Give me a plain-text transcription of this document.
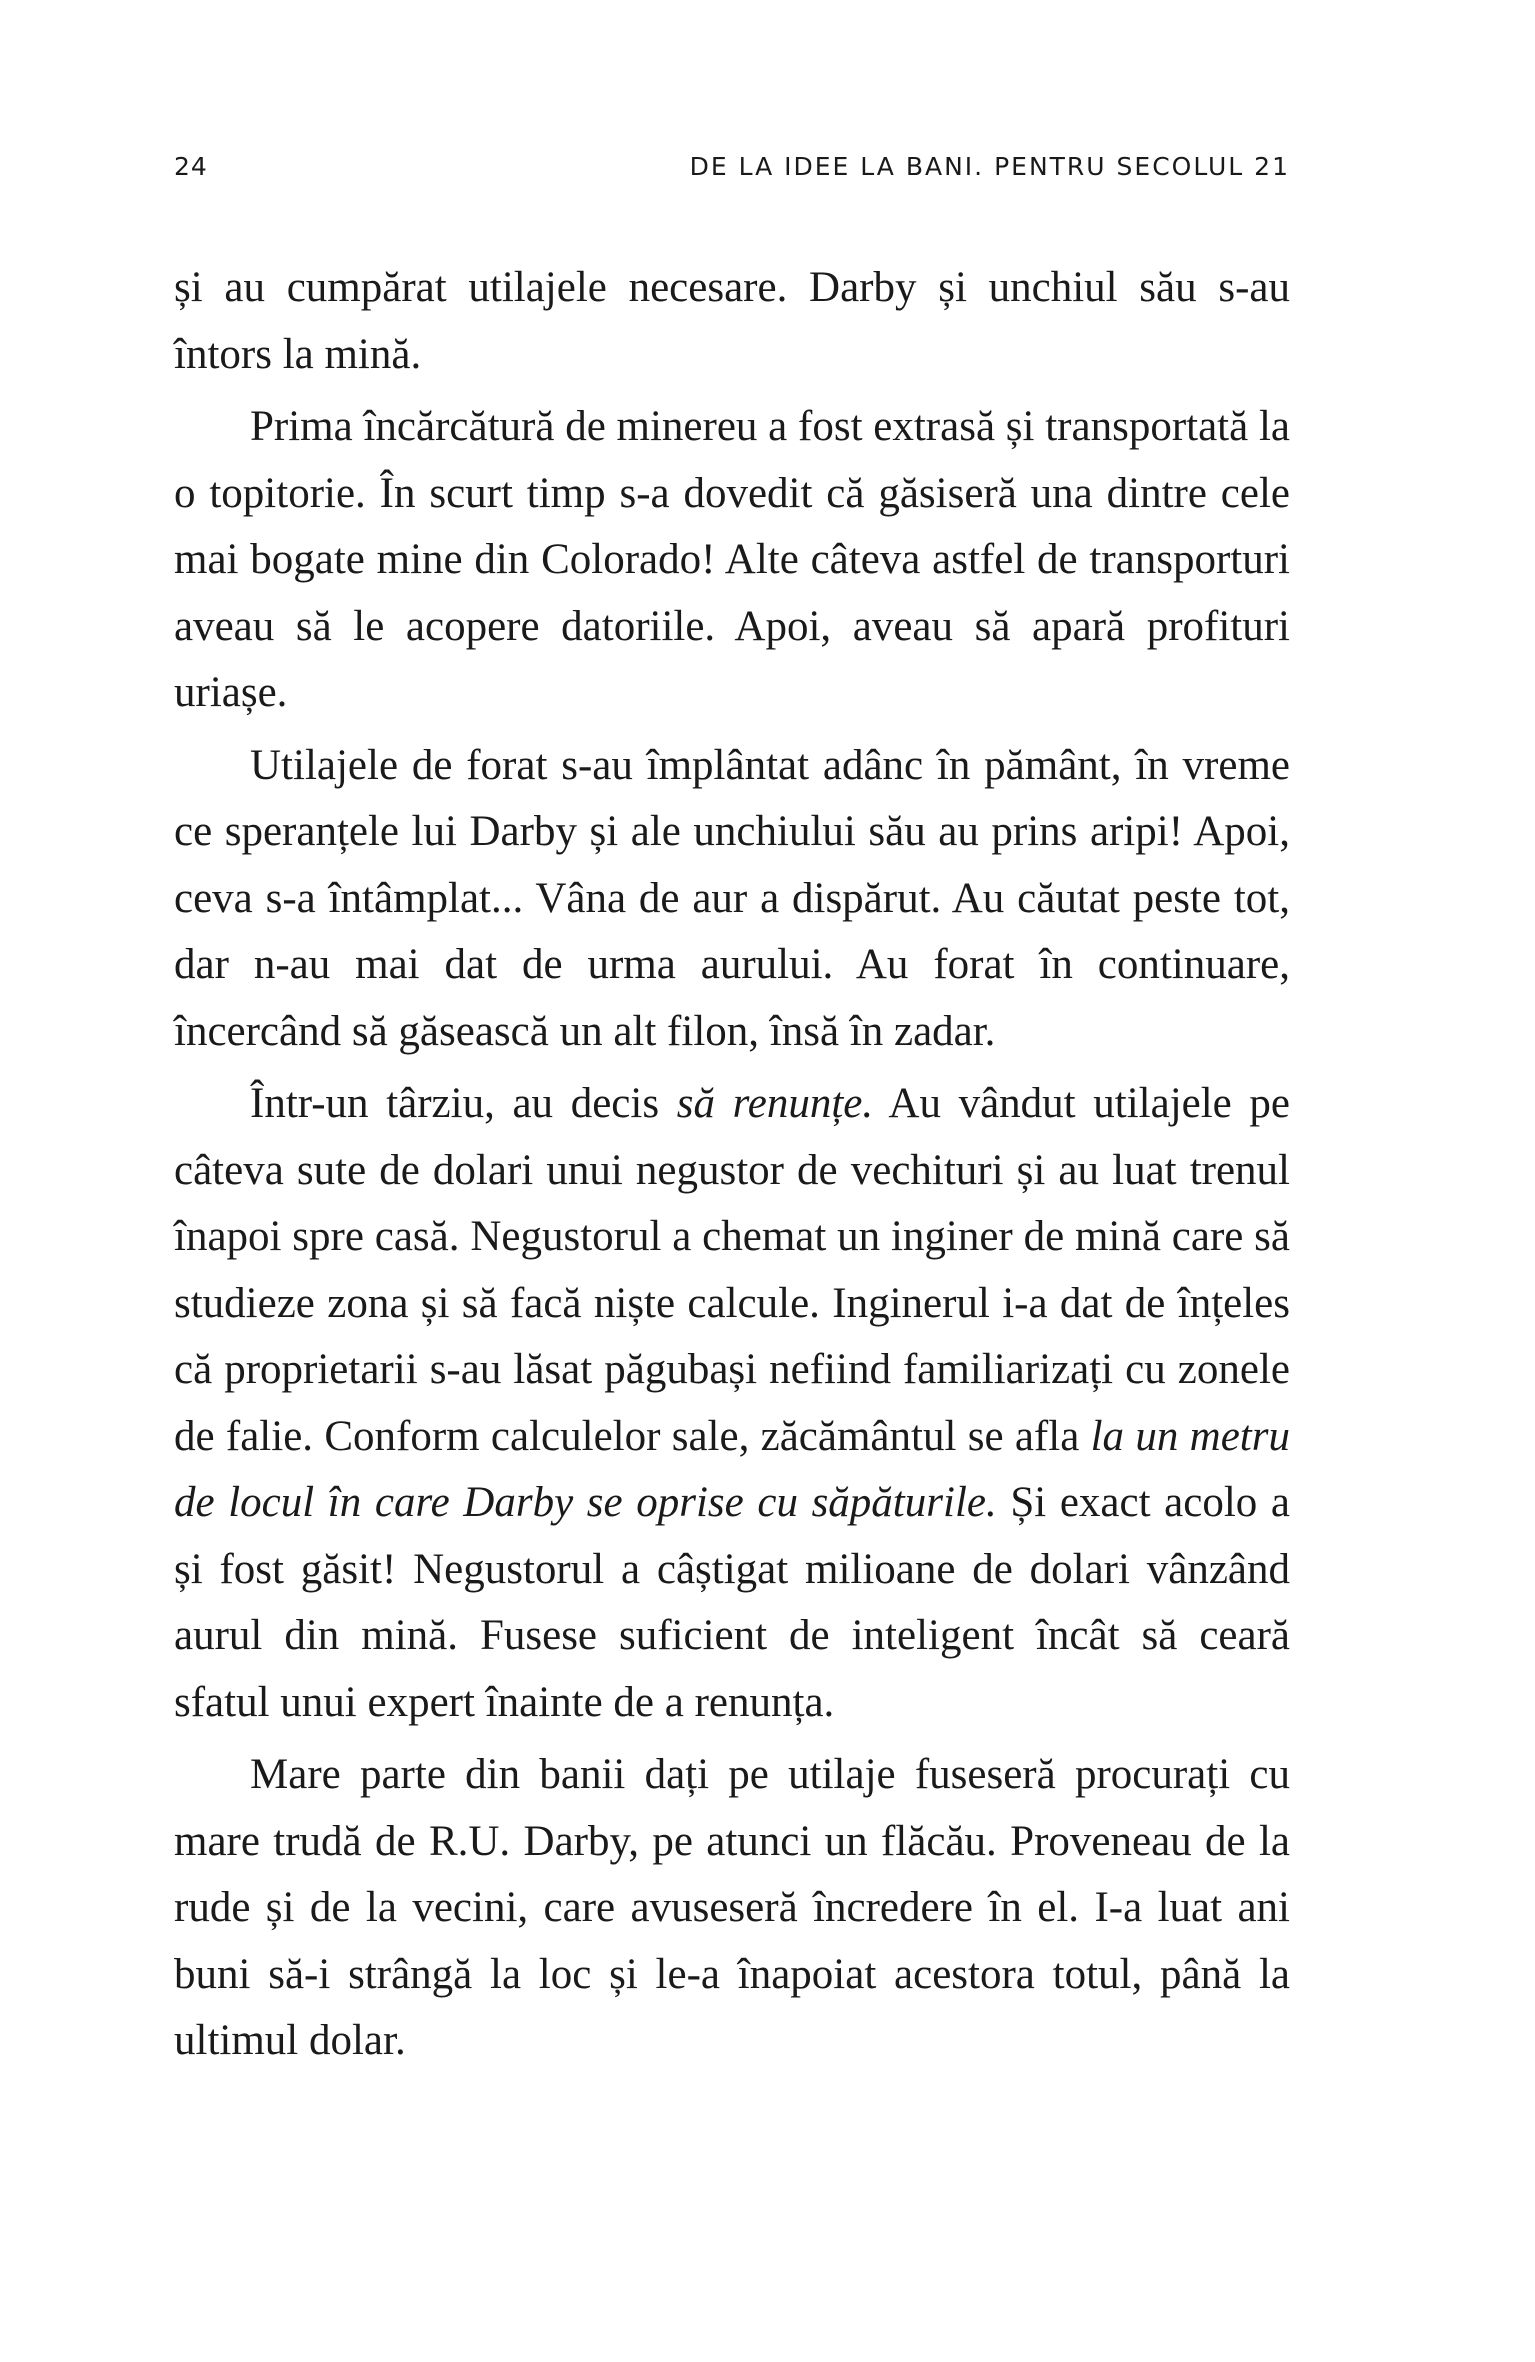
24	DE LA IDEE LA BANI. PENTRU SECOLUL 21

și au cumpărat utilajele necesare. Darby și unchiul său s-au întors la mină.

Prima încărcătură de minereu a fost extrasă și transportată la o topitorie. În scurt timp s-a dovedit că găsiseră una dintre cele mai bogate mine din Colorado! Alte câteva astfel de transporturi aveau să le acopere datoriile. Apoi, aveau să apară profituri uriașe.

Utilajele de forat s-au împlântat adânc în pământ, în vreme ce speranțele lui Darby și ale unchiului său au prins aripi! Apoi, ceva s-a întâmplat... Vâna de aur a dispărut. Au căutat peste tot, dar n-au mai dat de urma aurului. Au forat în continuare, încercând să găsească un alt filon, însă în zadar.

Într-un târziu, au decis să renunțe. Au vândut utilajele pe câteva sute de dolari unui negustor de vechituri și au luat trenul înapoi spre casă. Negustorul a chemat un inginer de mină care să studieze zona și să facă niște calcule. Inginerul i-a dat de înțeles că proprietarii s-au lăsat păgubași nefiind familiarizați cu zonele de falie. Conform calculelor sale, zăcământul se afla la un metru de locul în care Darby se oprise cu săpăturile. Și exact acolo a și fost găsit! Negustorul a câștigat milioane de dolari vânzând aurul din mină. Fusese suficient de inteligent încât să ceară sfatul unui expert înainte de a renunța.

Mare parte din banii dați pe utilaje fuseseră procurați cu mare trudă de R.U. Darby, pe atunci un flăcău. Proveneau de la rude și de la vecini, care avuseseră încredere în el. I-a luat ani buni să-i strângă la loc și le-a înapoiat acestora totul, până la ultimul dolar.
